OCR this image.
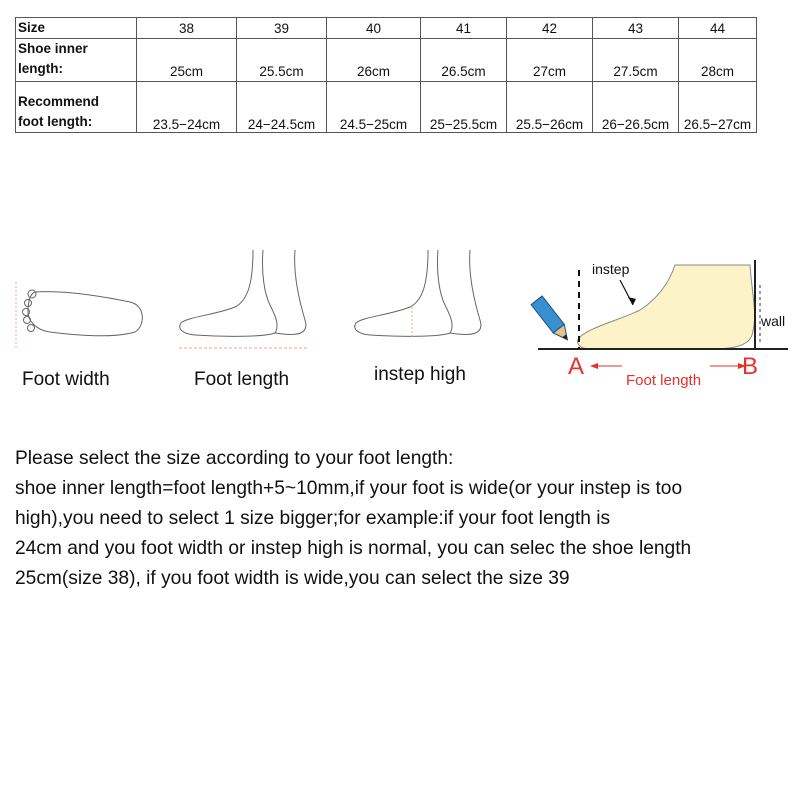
Size	38	39	40	41	42	43	44
Shoe inner
length:	25cm	25.5cm	26cm	26.5cm	27cm	27.5cm	28cm
Recommend
foot length:	23.5−24cm	24−24.5cm	24.5−25cm	25−25.5cm	25.5−26cm	26−26.5cm	26.5−27cm
Foot width	Foot length	instep high
instep
wall
A	B
Foot length
Please select the size according to your foot length:
shoe inner length=foot length+5~10mm,if your foot is wide(or your instep is too
high),you need to select 1 size bigger;for example:if your foot length is
24cm and you foot width or instep high is normal, you can selec the shoe length
25cm(size 38), if you foot width is wide,you can select the size 39
